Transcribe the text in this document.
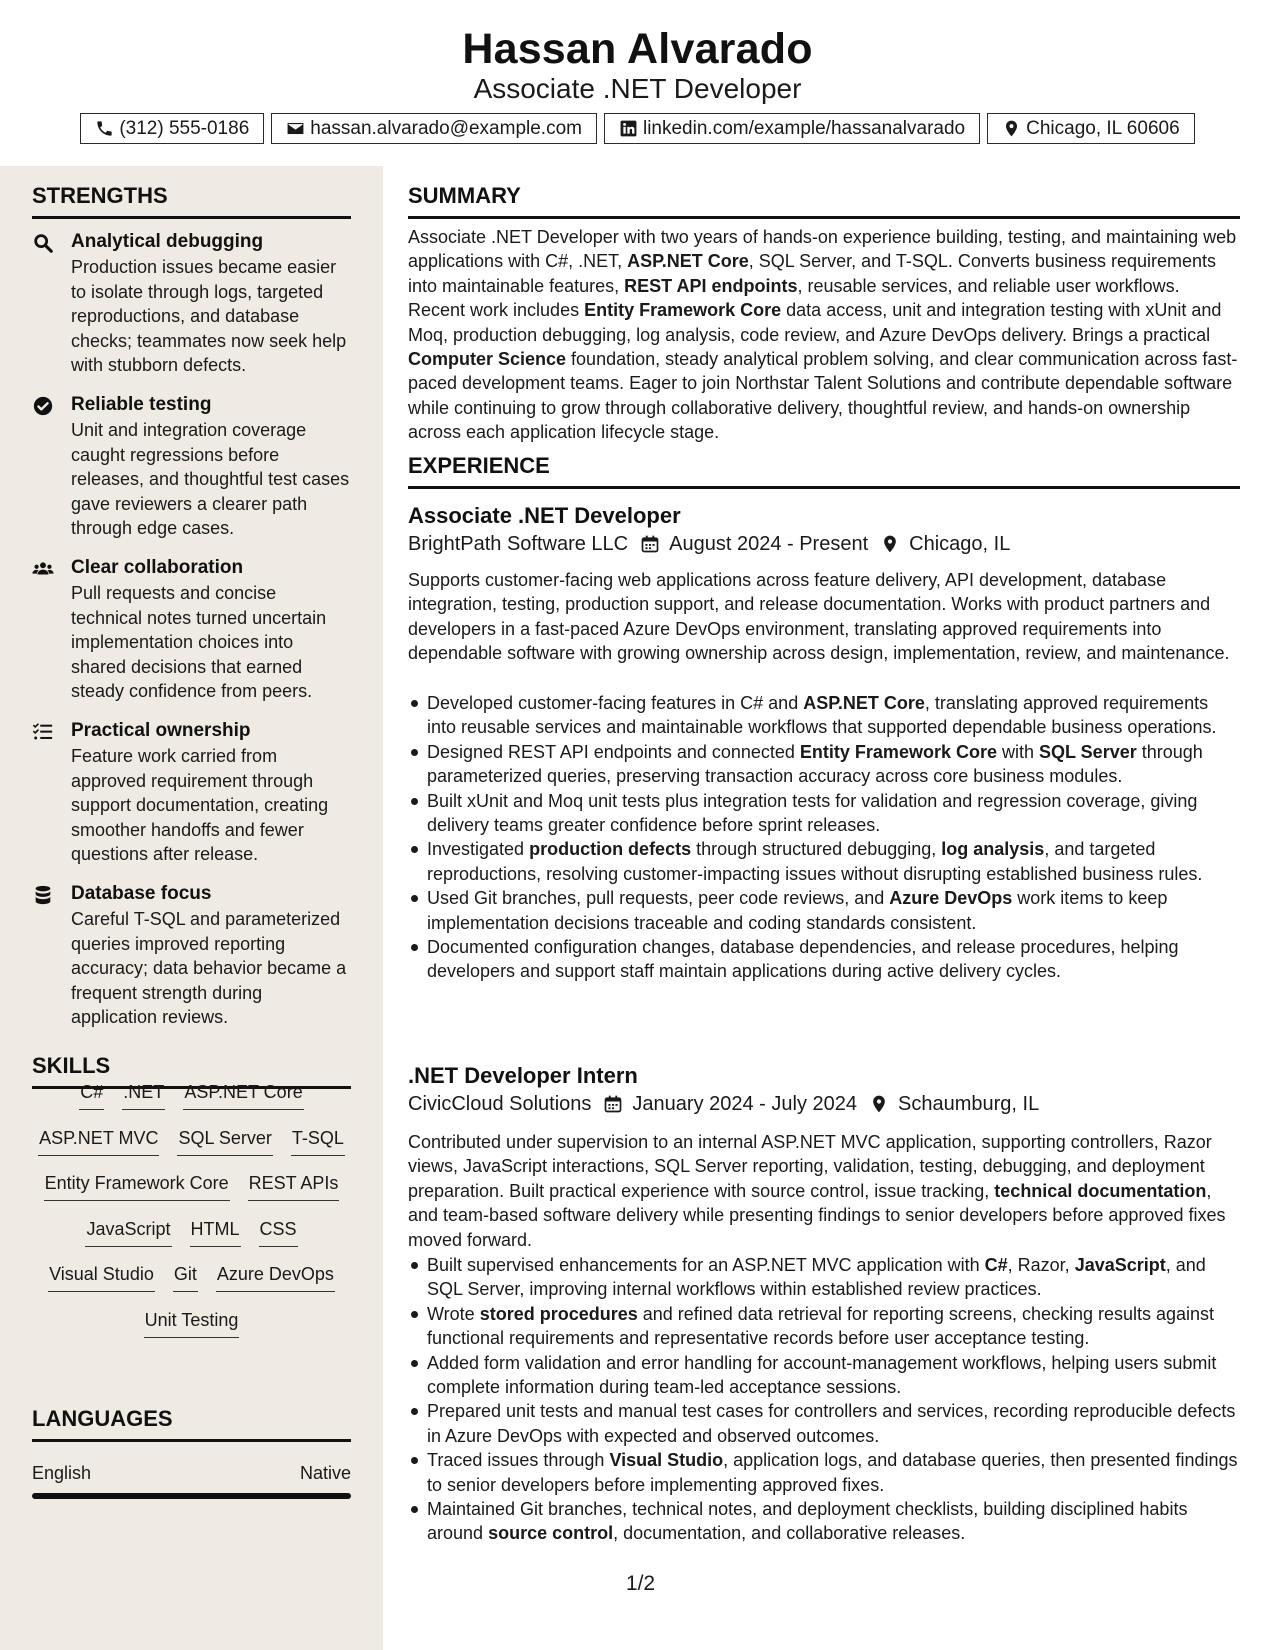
Hassan Alvarado
Associate .NET Developer
(312) 555-0186	hassan.alvarado@example.com	linkedin.com/example/hassanalvarado	Chicago, IL 60606
STRENGTHS
Analytical debugging
Production issues became easier to isolate through logs, targeted reproductions, and database checks; teammates now seek help with stubborn defects.
Reliable testing
Unit and integration coverage caught regressions before releases, and thoughtful test cases gave reviewers a clearer path through edge cases.
Clear collaboration
Pull requests and concise technical notes turned uncertain implementation choices into shared decisions that earned steady confidence from peers.
Practical ownership
Feature work carried from approved requirement through support documentation, creating smoother handoffs and fewer questions after release.
Database focus
Careful T-SQL and parameterized queries improved reporting accuracy; data behavior became a frequent strength during application reviews.
SKILLS
C# .NET ASP.NET Core
ASP.NET MVC SQL Server T-SQL
Entity Framework Core REST APIs
JavaScript HTML CSS
Visual Studio Git Azure DevOps
Unit Testing
LANGUAGES
English	Native
SUMMARY
Associate .NET Developer with two years of hands-on experience building, testing, and maintaining web applications with C#, .NET, ASP.NET Core, SQL Server, and T-SQL. Converts business requirements into maintainable features, REST API endpoints, reusable services, and reliable user workflows. Recent work includes Entity Framework Core data access, unit and integration testing with xUnit and Moq, production debugging, log analysis, code review, and Azure DevOps delivery. Brings a practical Computer Science foundation, steady analytical problem solving, and clear communication across fast-paced development teams. Eager to join Northstar Talent Solutions and contribute dependable software while continuing to grow through collaborative delivery, thoughtful review, and hands-on ownership across each application lifecycle stage.
EXPERIENCE
Associate .NET Developer
BrightPath Software LLC August 2024 - Present Chicago, IL
Supports customer-facing web applications across feature delivery, API development, database integration, testing, production support, and release documentation. Works with product partners and developers in a fast-paced Azure DevOps environment, translating approved requirements into dependable software with growing ownership across design, implementation, review, and maintenance.
Developed customer-facing features in C# and ASP.NET Core, translating approved requirements into reusable services and maintainable workflows that supported dependable business operations.
Designed REST API endpoints and connected Entity Framework Core with SQL Server through parameterized queries, preserving transaction accuracy across core business modules.
Built xUnit and Moq unit tests plus integration tests for validation and regression coverage, giving delivery teams greater confidence before sprint releases.
Investigated production defects through structured debugging, log analysis, and targeted reproductions, resolving customer-impacting issues without disrupting established business rules.
Used Git branches, pull requests, peer code reviews, and Azure DevOps work items to keep implementation decisions traceable and coding standards consistent.
Documented configuration changes, database dependencies, and release procedures, helping developers and support staff maintain applications during active delivery cycles.
.NET Developer Intern
CivicCloud Solutions January 2024 - July 2024 Schaumburg, IL
Contributed under supervision to an internal ASP.NET MVC application, supporting controllers, Razor views, JavaScript interactions, SQL Server reporting, validation, testing, debugging, and deployment preparation. Built practical experience with source control, issue tracking, technical documentation, and team-based software delivery while presenting findings to senior developers before approved fixes moved forward.
Built supervised enhancements for an ASP.NET MVC application with C#, Razor, JavaScript, and SQL Server, improving internal workflows within established review practices.
Wrote stored procedures and refined data retrieval for reporting screens, checking results against functional requirements and representative records before user acceptance testing.
Added form validation and error handling for account-management workflows, helping users submit complete information during team-led acceptance sessions.
Prepared unit tests and manual test cases for controllers and services, recording reproducible defects in Azure DevOps with expected and observed outcomes.
Traced issues through Visual Studio, application logs, and database queries, then presented findings to senior developers before implementing approved fixes.
Maintained Git branches, technical notes, and deployment checklists, building disciplined habits around source control, documentation, and collaborative releases.
1/2
